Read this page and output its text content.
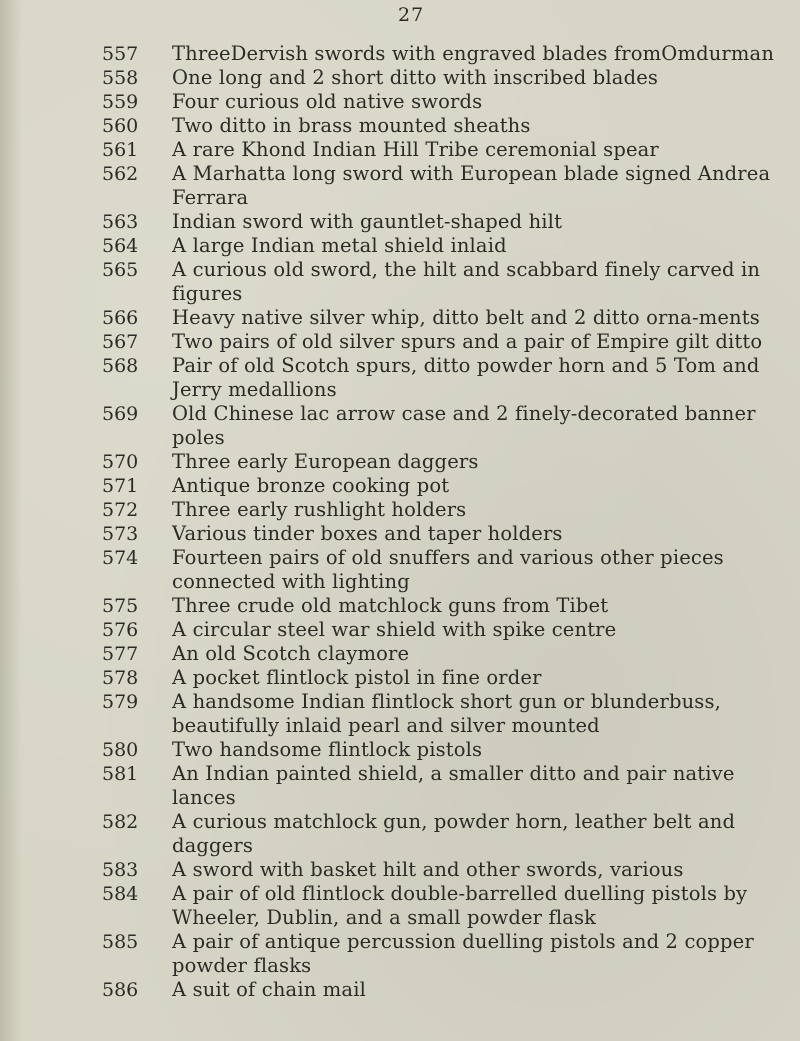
27
557	ThreeDervish swords with engraved blades fromOmdurman
558	One long and 2 short ditto with inscribed blades
559	Four curious old native swords
560	Two ditto in brass mounted sheaths
561	A rare Khond Indian Hill Tribe ceremonial spear
562	A Marhatta long sword with European blade signed Andrea Ferrara
563	Indian sword with gauntlet-shaped hilt
564	A large Indian metal shield inlaid
565	A curious old sword, the hilt and scabbard finely carved in figures
566	Heavy native silver whip, ditto belt and 2 ditto orna-ments
567	Two pairs of old silver spurs and a pair of Empire gilt ditto
568	Pair of old Scotch spurs, ditto powder horn and 5 Tom and Jerry medallions
569	Old Chinese lac arrow case and 2 finely-decorated banner poles
570	Three early European daggers
571	Antique bronze cooking pot
572	Three early rushlight holders
573	Various tinder boxes and taper holders
574	Fourteen pairs of old snuffers and various other pieces connected with lighting
575	Three crude old matchlock guns from Tibet
576	A circular steel war shield with spike centre
577	An old Scotch claymore
578	A pocket flintlock pistol in fine order
579	A handsome Indian flintlock short gun or blunderbuss, beautifully inlaid pearl and silver mounted
580	Two handsome flintlock pistols
581	An Indian painted shield, a smaller ditto and pair native lances
582	A curious matchlock gun, powder horn, leather belt and daggers
583	A sword with basket hilt and other swords, various
584	A pair of old flintlock double-barrelled duelling pistols by Wheeler, Dublin, and a small powder flask
585	A pair of antique percussion duelling pistols and 2 copper powder flasks
586	A suit of chain mail
